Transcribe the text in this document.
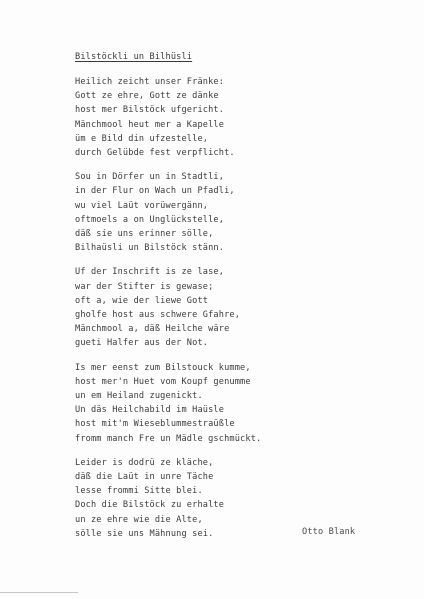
Bilstöckli un Bilhüsli
Heilich zeicht unser Fränke:
Gott ze ehre, Gott ze dänke
host mer Bilstöck ufgericht.
Mänchmool heut mer a Kapelle
üm e Bild din ufzestelle,
durch Gelübde fest verpflicht.
Sou in Dörfer un in Stadtli,
in der Flur on Wach un Pfadli,
wu viel Laüt vorüwergänn,
oftmoels a on Unglückstelle,
däß sie uns erinner sölle,
Bilhaüsli un Bilstöck stänn.
Uf der Inschrift is ze lase,
war der Stifter is gewase;
oft a, wie der liewe Gott
gholfe host aus schwere Gfahre,
Mänchmool a, däß Heilche wäre
gueti Halfer aus der Not.
Is mer eenst zum Bilstouck kumme,
host mer'n Huet vom Koupf genumme
un em Heiland zugenickt.
Un däs Heilchabild im Haüsle
host mit'm Wieseblummestraüßle
fromm manch Fre un Mädle gschmückt.
Leider is dodrü ze kläche,
däß die Laüt in unre Täche
lesse frommi Sitte blei.
Doch die Bilstöck zu erhalte
un ze ehre wie die Alte,
sölle sie uns Mähnung sei.	Otto Blank
